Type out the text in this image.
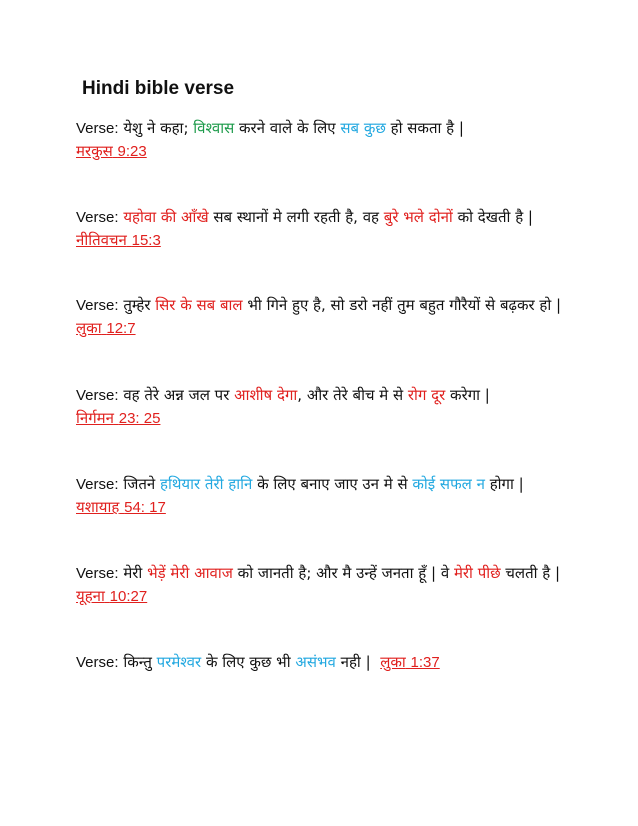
Hindi bible verse
Verse: येशु ने कहा; विश्वास करने वाले के लिए सब कुछ हो सकता है |
मरकुस 9:23
Verse: यहोवा की आँखे सब स्थानों मे लगी रहती है, वह बुरे भले दोनों को देखती है |  नीतिवचन 15:3
Verse: तुम्हेर सिर के सब बाल भी गिने हुए है, सो डरो नहीं तुम बहुत गौरैयों से बढ़कर हो |  लुका 12:7
Verse: वह तेरे अन्न जल पर आशीष देगा, और तेरे बीच मे से रोग दूर करेगा |
निर्गमन 23: 25
Verse: जितने हथियार तेरी हानि के लिए बनाए जाए उन मे से कोई सफल न होगा |  यशायाह 54: 17
Verse: मेरी भेड़ें मेरी आवाज को जानती है; और मै उन्हें जनता हूँ | वे मेरी पीछे चलती है |  यूहना 10:27
Verse: किन्तु परमेश्वर के लिए कुछ भी असंभव नही | लुका 1:37
